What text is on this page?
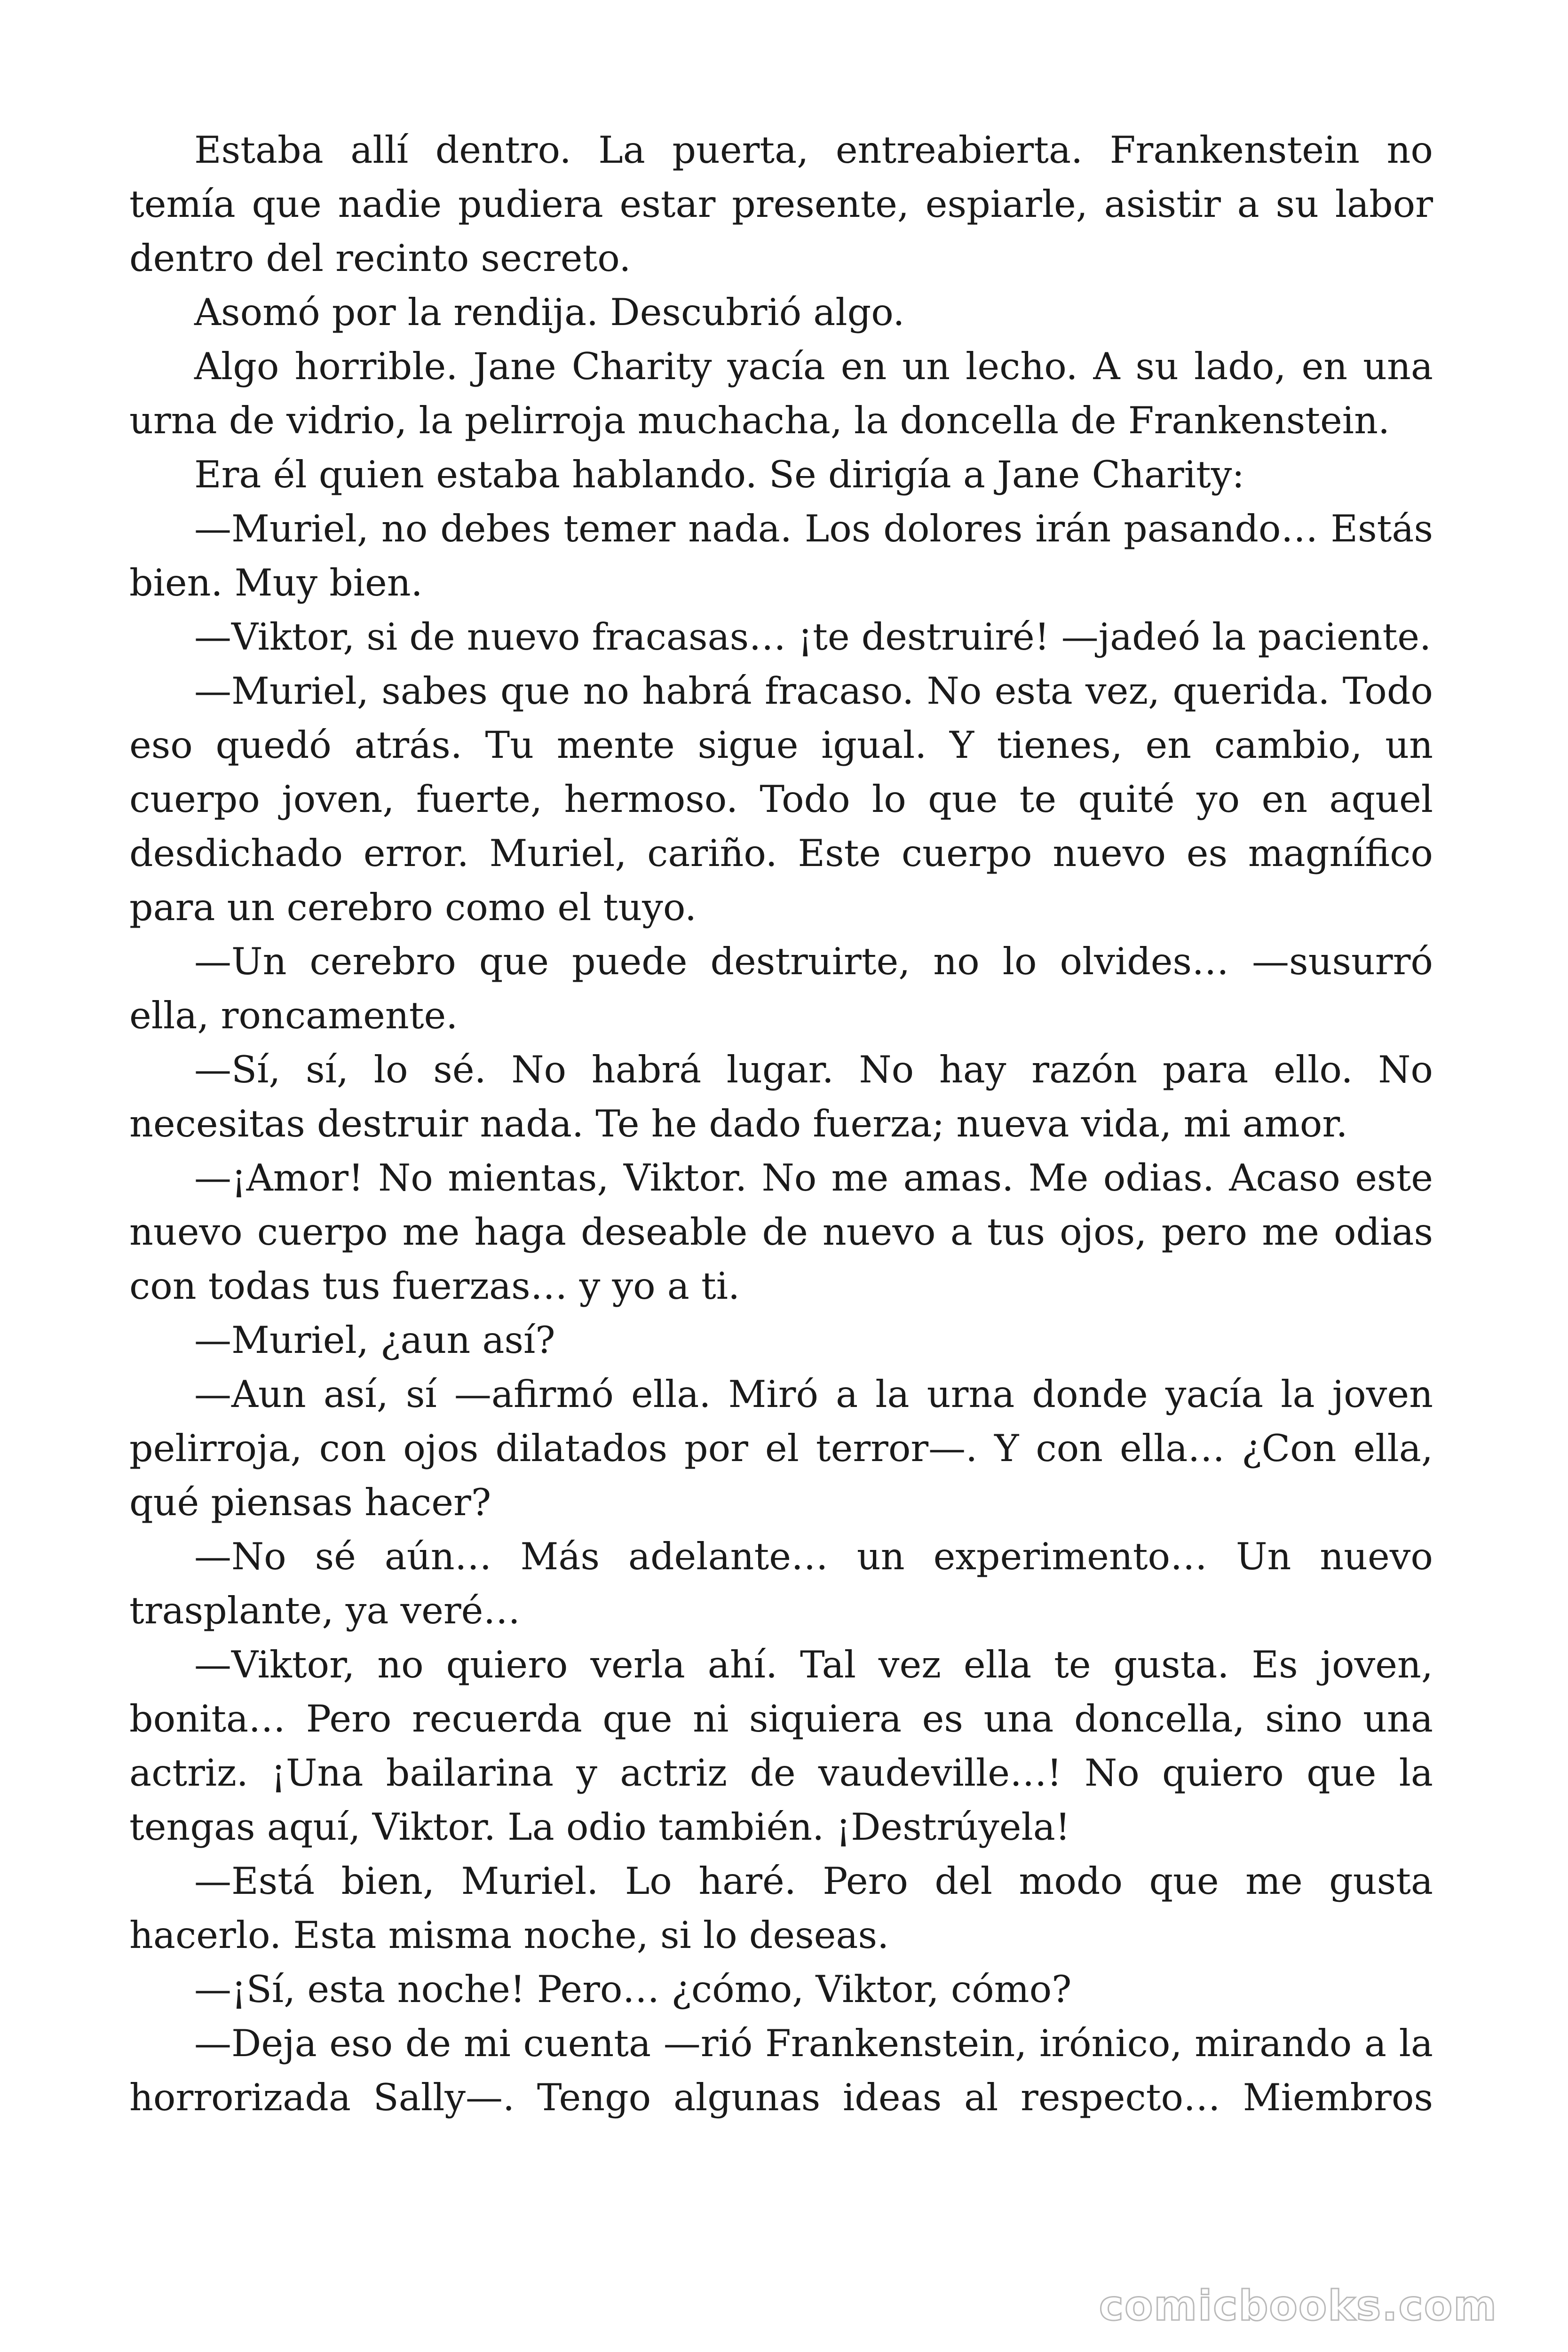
Estaba allí dentro. La puerta, entreabierta. Frankenstein no temía que nadie pudiera estar presente, espiarle, asistir a su labor dentro del recinto secreto.

Asomó por la rendija. Descubrió algo.

Algo horrible. Jane Charity yacía en un lecho. A su lado, en una urna de vidrio, la pelirroja muchacha, la doncella de Frankenstein.

Era él quien estaba hablando. Se dirigía a Jane Charity:

—Muriel, no debes temer nada. Los dolores irán pasando… Estás bien. Muy bien.

—Viktor, si de nuevo fracasas… ¡te destruiré! —jadeó la paciente.

—Muriel, sabes que no habrá fracaso. No esta vez, querida. Todo eso quedó atrás. Tu mente sigue igual. Y tienes, en cambio, un cuerpo joven, fuerte, hermoso. Todo lo que te quité yo en aquel desdichado error. Muriel, cariño. Este cuerpo nuevo es magnífico para un cerebro como el tuyo.

—Un cerebro que puede destruirte, no lo olvides… —susurró ella, roncamente.

—Sí, sí, lo sé. No habrá lugar. No hay razón para ello. No necesitas destruir nada. Te he dado fuerza; nueva vida, mi amor.

—¡Amor! No mientas, Viktor. No me amas. Me odias. Acaso este nuevo cuerpo me haga deseable de nuevo a tus ojos, pero me odias con todas tus fuerzas… y yo a ti.

—Muriel, ¿aun así?

—Aun así, sí —afirmó ella. Miró a la urna donde yacía la joven pelirroja, con ojos dilatados por el terror—. Y con ella… ¿Con ella, qué piensas hacer?

—No sé aún… Más adelante… un experimento… Un nuevo trasplante, ya veré…

—Viktor, no quiero verla ahí. Tal vez ella te gusta. Es joven, bonita… Pero recuerda que ni siquiera es una doncella, sino una actriz. ¡Una bailarina y actriz de vaudeville…! No quiero que la tengas aquí, Viktor. La odio también. ¡Destrúyela!

—Está bien, Muriel. Lo haré. Pero del modo que me gusta hacerlo. Esta misma noche, si lo deseas.

—¡Sí, esta noche! Pero… ¿cómo, Viktor, cómo?

—Deja eso de mi cuenta —rió Frankenstein, irónico, mirando a la horrorizada Sally—. Tengo algunas ideas al respecto… Miembros

comicbooks.com
